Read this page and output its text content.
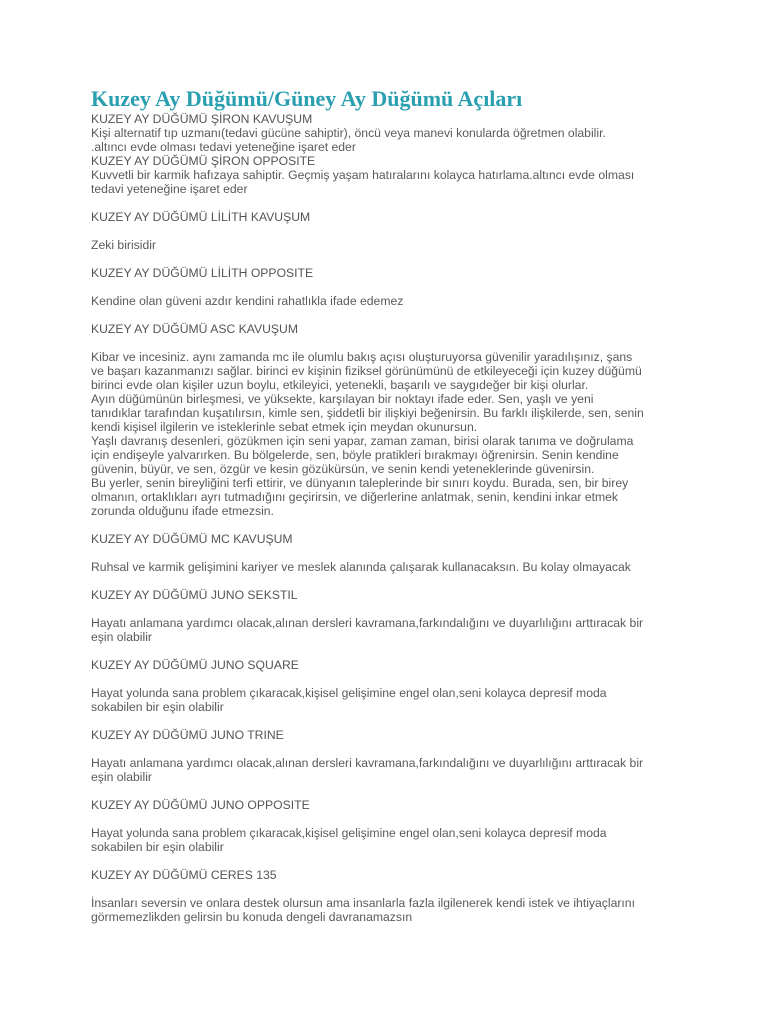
Kuzey Ay Düğümü/Güney Ay Düğümü Açıları

KUZEY AY DÜĞÜMÜ ŞİRON KAVUŞUM

Kişi alternatif tıp uzmanı(tedavi gücüne sahiptir), öncü veya manevi konularda öğretmen olabilir.

.altıncı evde olması tedavi yeteneğine işaret eder

KUZEY AY DÜĞÜMÜ ŞİRON OPPOSITE

Kuvvetli bir karmik hafızaya sahiptir. Geçmiş yaşam hatıralarını kolayca hatırlama.altıncı evde olması

tedavi yeteneğine işaret eder

KUZEY AY DÜĞÜMÜ LİLİTH KAVUŞUM

Zeki birisidir

KUZEY AY DÜĞÜMÜ LİLİTH OPPOSITE

Kendine olan güveni azdır kendini rahatlıkla ifade edemez

KUZEY AY DÜĞÜMÜ ASC KAVUŞUM

Kibar ve incesiniz. aynı zamanda mc ile olumlu bakış açısı oluşturuyorsa güvenilir yaradılışınız, şans

ve başarı kazanmanızı sağlar. birinci ev kişinin fiziksel görünümünü de etkileyeceği için kuzey düğümü

birinci evde olan kişiler uzun boylu, etkileyici, yetenekli, başarılı ve saygıdeğer bir kişi olurlar.

Ayın düğümünün birleşmesi, ve yüksekte, karşılayan bir noktayı ifade eder. Sen, yaşlı ve yeni

tanıdıklar tarafından kuşatılırsın, kimle sen, şiddetli bir ilişkiyi beğenirsin. Bu farklı ilişkilerde, sen, senin

kendi kişisel ilgilerin ve isteklerinle sebat etmek için meydan okunursun.

Yaşlı davranış desenleri, gözükmen için seni yapar, zaman zaman, birisi olarak tanıma ve doğrulama

için endişeyle yalvarırken. Bu bölgelerde, sen, böyle pratikleri bırakmayı öğrenirsin. Senin kendine

güvenin, büyür, ve sen, özgür ve kesin gözükürsün, ve senin kendi yeteneklerinde güvenirsin.

Bu yerler, senin bireyliğini terfi ettirir, ve dünyanın taleplerinde bir sınırı koydu. Burada, sen, bir birey

olmanın, ortaklıkları ayrı tutmadığını geçirirsin, ve diğerlerine anlatmak, senin, kendini inkar etmek

zorunda olduğunu ifade etmezsin.

KUZEY AY DÜĞÜMÜ MC KAVUŞUM

Ruhsal ve karmik gelişimini kariyer ve meslek alanında çalışarak kullanacaksın. Bu kolay olmayacak

KUZEY AY DÜĞÜMÜ JUNO SEKSTIL

Hayatı anlamana yardımcı olacak,alınan dersleri kavramana,farkındalığını ve duyarlılığını arttıracak bir

eşin olabilir

KUZEY AY DÜĞÜMÜ JUNO SQUARE

Hayat yolunda sana problem çıkaracak,kişisel gelişimine engel olan,seni kolayca depresif moda

sokabilen bir eşin olabilir

KUZEY AY DÜĞÜMÜ JUNO TRINE

Hayatı anlamana yardımcı olacak,alınan dersleri kavramana,farkındalığını ve duyarlılığını arttıracak bir

eşin olabilir

KUZEY AY DÜĞÜMÜ JUNO OPPOSITE

Hayat yolunda sana problem çıkaracak,kişisel gelişimine engel olan,seni kolayca depresif moda

sokabilen bir eşin olabilir

KUZEY AY DÜĞÜMÜ CERES 135

İnsanları seversin ve onlara destek olursun ama insanlarla fazla ilgilenerek kendi istek ve ihtiyaçlarını

görmemezlikden gelirsin bu konuda dengeli davranamazsın
